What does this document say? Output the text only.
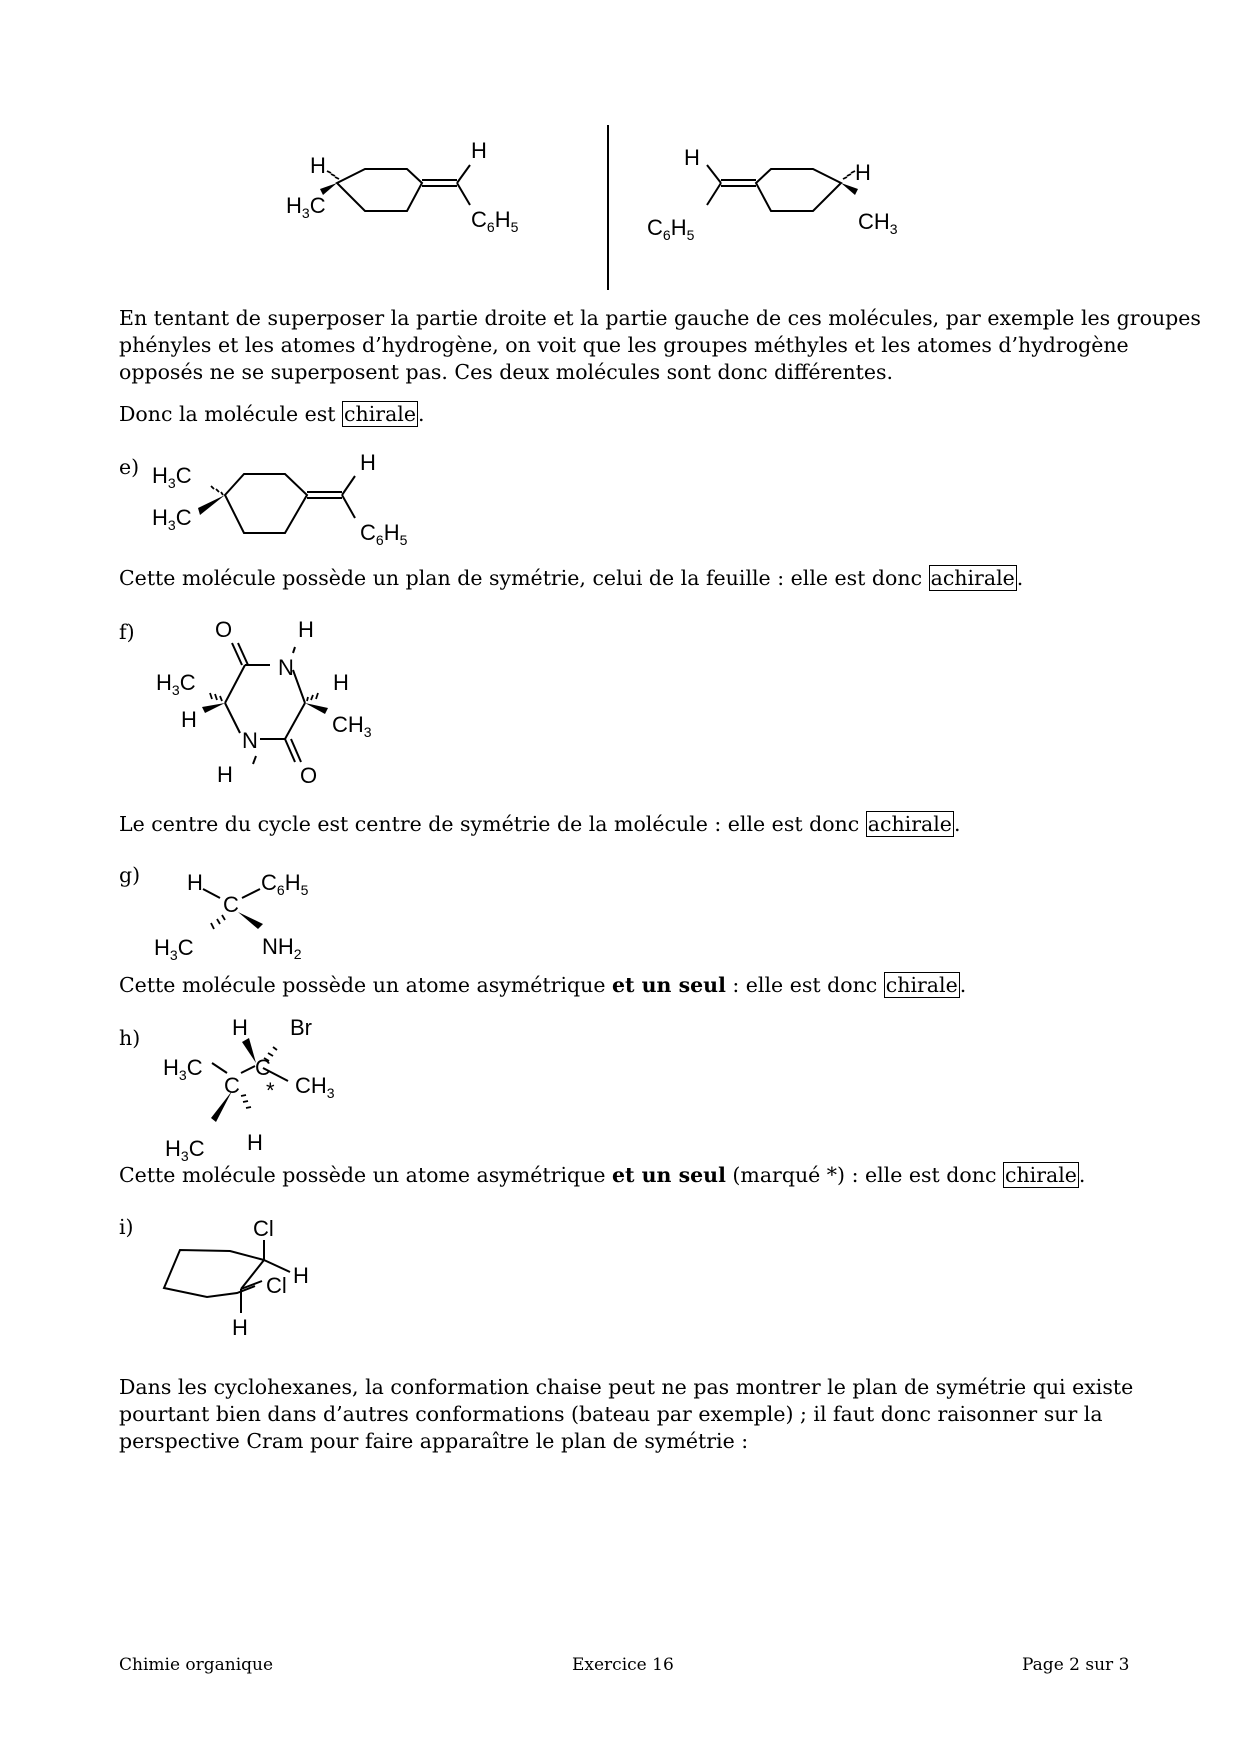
H
$H_3C$
H
$C_6H_5$
H
H
$CH_3$
$C_6H_5$
En tentant de superposer la partie droite et la partie gauche de ces molécules, par exemple les groupes
phényles et les atomes d’hydrogène, on voit que les groupes méthyles et les atomes d’hydrogène
opposés ne se superposent pas. Ces deux molécules sont donc différentes.
Donc la molécule est chirale.
e) $H_3C$
$H_3C$
H
$C_6H_5$
Cette molécule possède un plan de symétrie, celui de la feuille : elle est donc achirale.
f)	O
N
H
H
$CH_3$
$H_3C$
H
N
H	O
Le centre du cycle est centre de symétrie de la molécule : elle est donc achirale.
g) H
C
$C_6H_5$
$H_3C$	$NH_2$
Cette molécule possède un atome asymétrique et un seul : elle est donc chirale.
h)	H Br
$H_3C$
C
C
* $CH_3$
$H_3C$ H
Cette molécule possède un atome asymétrique et un seul (marqué *) : elle est donc chirale.
i)	Cl
H
Cl
H
Dans les cyclohexanes, la conformation chaise peut ne pas montrer le plan de symétrie qui existe
pourtant bien dans d’autres conformations (bateau par exemple) ; il faut donc raisonner sur la
perspective Cram pour faire apparaître le plan de symétrie :
Chimie organique	Exercice 16	Page 2 sur 3
